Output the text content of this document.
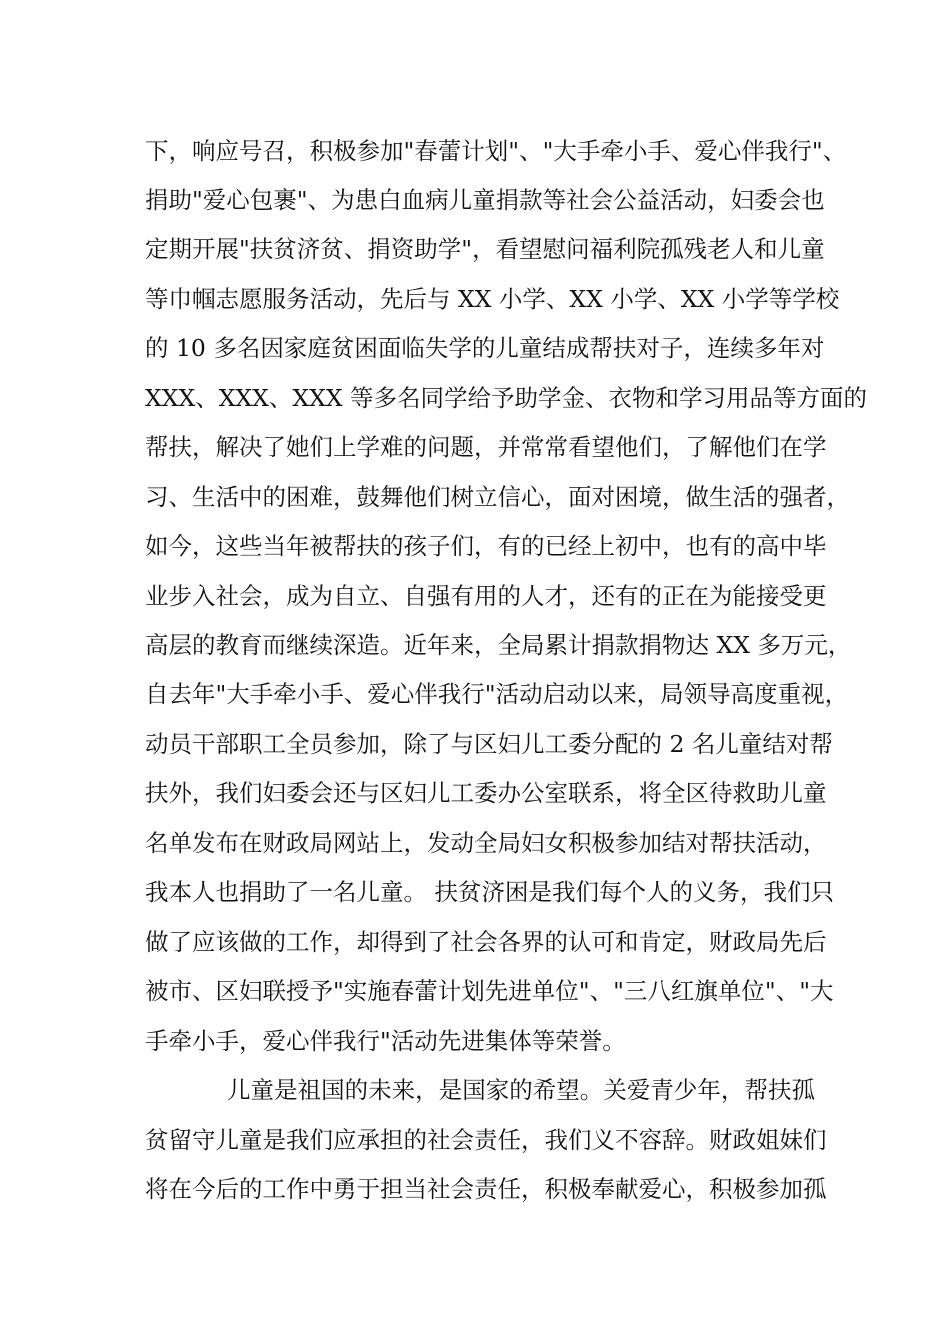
下，响应号召，积极参加"春蕾计划"、"大手牵小手、爱心伴我行"、
捐助"爱心包裹"、为患白血病儿童捐款等社会公益活动，妇委会也
定期开展"扶贫济贫、捐资助学"，看望慰问福利院孤残老人和儿童
等巾帼志愿服务活动，先后与 XX 小学、XX 小学、XX 小学等学校
的 10 多名因家庭贫困面临失学的儿童结成帮扶对子，连续多年对
XXX、XXX、XXX 等多名同学给予助学金、衣物和学习用品等方面的
帮扶，解决了她们上学难的问题，并常常看望他们，了解他们在学
习、生活中的困难，鼓舞他们树立信心，面对困境，做生活的强者，
如今，这些当年被帮扶的孩子们，有的已经上初中，也有的高中毕
业步入社会，成为自立、自强有用的人才，还有的正在为能接受更
高层的教育而继续深造。近年来，全局累计捐款捐物达 XX 多万元，
自去年"大手牵小手、爱心伴我行"活动启动以来，局领导高度重视，
动员干部职工全员参加，除了与区妇儿工委分配的 2 名儿童结对帮
扶外，我们妇委会还与区妇儿工委办公室联系，将全区待救助儿童
名单发布在财政局网站上，发动全局妇女积极参加结对帮扶活动，
我本人也捐助了一名儿童。 扶贫济困是我们每个人的义务，我们只
做了应该做的工作，却得到了社会各界的认可和肯定，财政局先后
被市、区妇联授予"实施春蕾计划先进单位"、"三八红旗单位"、"大
手牵小手，爱心伴我行"活动先进集体等荣誉。
儿童是祖国的未来，是国家的希望。关爱青少年，帮扶孤
贫留守儿童是我们应承担的社会责任，我们义不容辞。财政姐妹们
将在今后的工作中勇于担当社会责任，积极奉献爱心，积极参加孤
